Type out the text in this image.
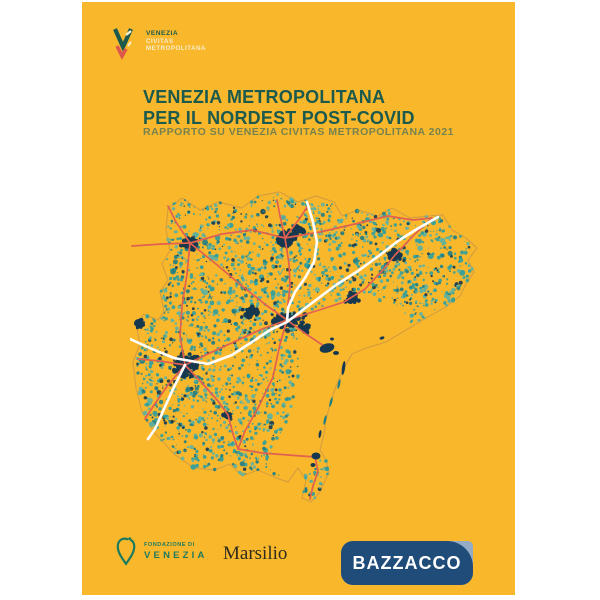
VENEZIA
CIVITAS
METROPOLITANA
VENEZIA METROPOLITANA
PER IL NORDEST POST-COVID
RAPPORTO SU VENEZIA CIVITAS METROPOLITANA 2021
FONDAZIONE DI
VENEZIA Marsilio	BAZZACCO
